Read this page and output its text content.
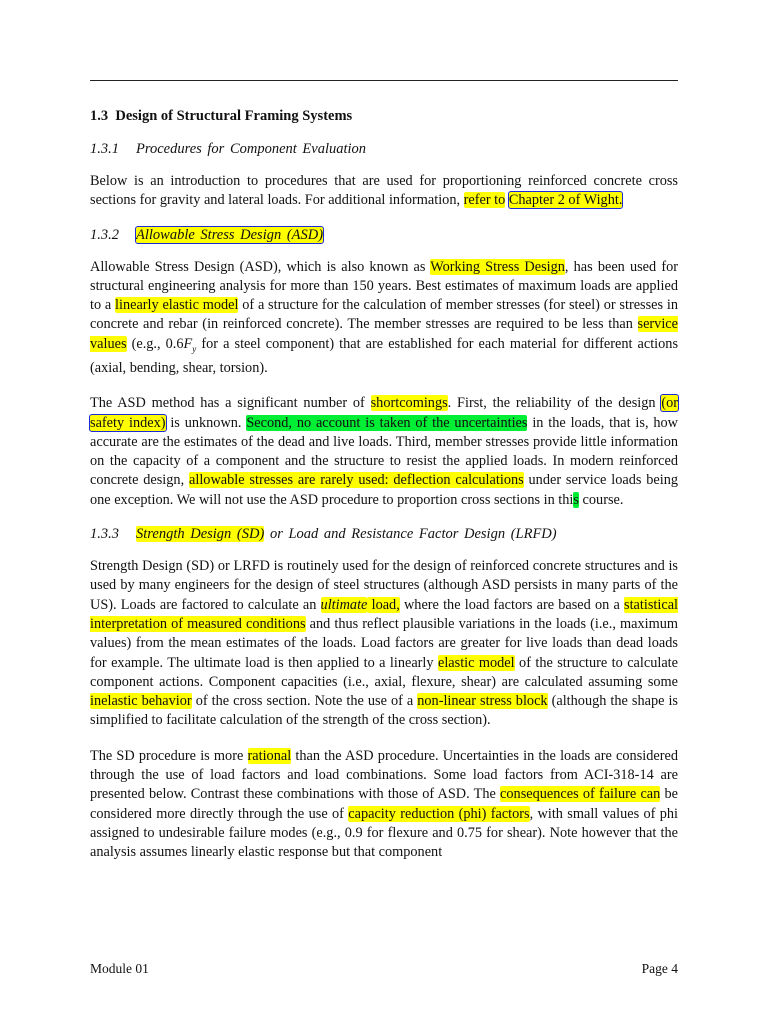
1.3 Design of Structural Framing Systems
1.3.1 Procedures for Component Evaluation

Below is an introduction to procedures that are used for proportioning reinforced concrete cross sections for gravity and lateral loads. For additional information, refer to Chapter 2 of Wight.

1.3.2 Allowable Stress Design (ASD)

Allowable Stress Design (ASD), which is also known as Working Stress Design, has been used for structural engineering analysis for more than 150 years. Best estimates of maximum loads are applied to a linearly elastic model of a structure for the calculation of member stresses (for steel) or stresses in concrete and rebar (in reinforced concrete). The member stresses are required to be less than service values (e.g., $0.6F_y$ for a steel component) that are established for each material for different actions (axial, bending, shear, torsion).

The ASD method has a significant number of shortcomings. First, the reliability of the design (or safety index) is unknown. Second, no account is taken of the uncertainties in the loads, that is, how accurate are the estimates of the dead and live loads. Third, member stresses provide little information on the capacity of a component and the structure to resist the applied loads. In modern reinforced concrete design, allowable stresses are rarely used: deflection calculations under service loads being one exception. We will not use the ASD procedure to proportion cross sections in this course.

1.3.3 Strength Design (SD) or Load and Resistance Factor Design (LRFD)

Strength Design (SD) or LRFD is routinely used for the design of reinforced concrete structures and is used by many engineers for the design of steel structures (although ASD persists in many parts of the US). Loads are factored to calculate an ultimate load, where the load factors are based on a statistical interpretation of measured conditions and thus reflect plausible variations in the loads (i.e., maximum values) from the mean estimates of the loads. Load factors are greater for live loads than dead loads for example. The ultimate load is then applied to a linearly elastic model of the structure to calculate component actions. Component capacities (i.e., axial, flexure, shear) are calculated assuming some inelastic behavior of the cross section. Note the use of a non-linear stress block (although the shape is simplified to facilitate calculation of the strength of the cross section).

The SD procedure is more rational than the ASD procedure. Uncertainties in the loads are considered through the use of load factors and load combinations. Some load factors from ACI-318-14 are presented below. Contrast these combinations with those of ASD. The consequences of failure can be considered more directly through the use of capacity reduction (phi) factors, with small values of phi assigned to undesirable failure modes (e.g., 0.9 for flexure and 0.75 for shear). Note however that the analysis assumes linearly elastic response but that component

Module 01	Page 4
